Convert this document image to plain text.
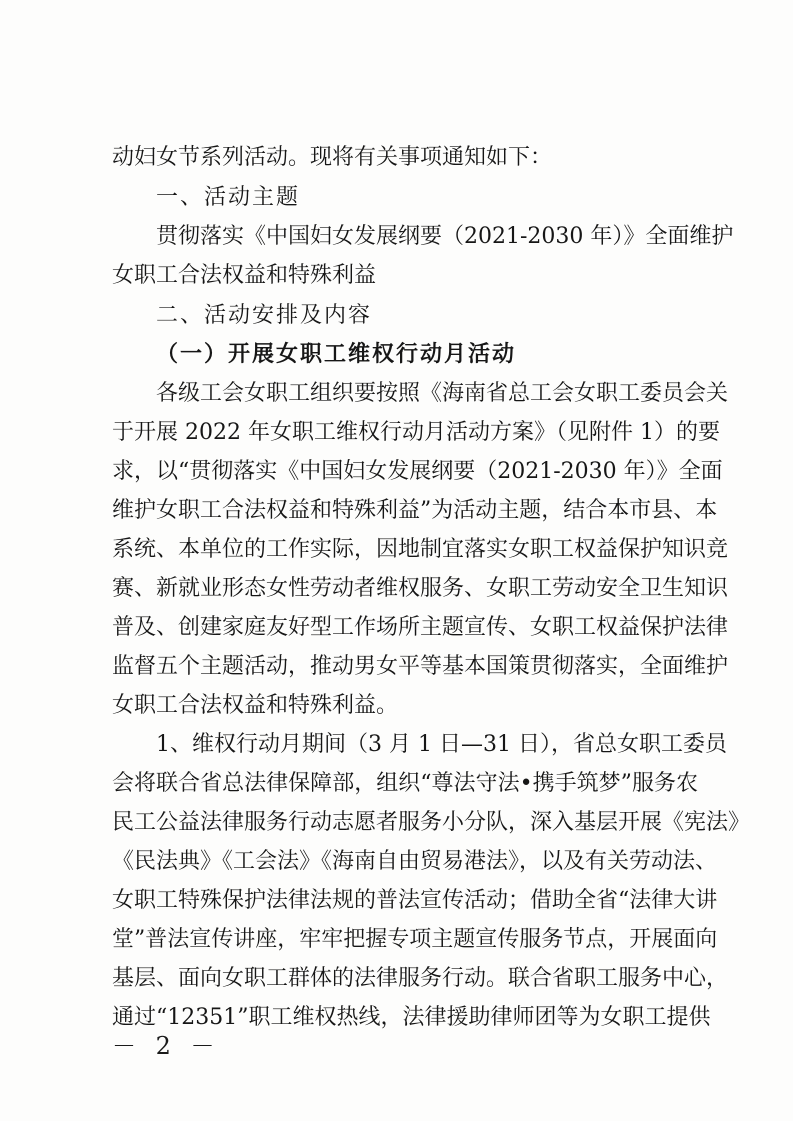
动妇女节系列活动。现将有关事项通知如下：
一、活动主题
贯彻落实《中国妇女发展纲要（2021-2030 年）》全面维护
女职工合法权益和特殊利益
二、活动安排及内容
（一）开展女职工维权行动月活动
各级工会女职工组织要按照《海南省总工会女职工委员会关
于开展 2022 年女职工维权行动月活动方案》（见附件 1）的要
求，以“贯彻落实《中国妇女发展纲要（2021-2030 年）》全面
维护女职工合法权益和特殊利益”为活动主题，结合本市县、本
系统、本单位的工作实际，因地制宜落实女职工权益保护知识竞
赛、新就业形态女性劳动者维权服务、女职工劳动安全卫生知识
普及、创建家庭友好型工作场所主题宣传、女职工权益保护法律
监督五个主题活动，推动男女平等基本国策贯彻落实，全面维护
女职工合法权益和特殊利益。
1、维权行动月期间（3 月 1 日—31 日），省总女职工委员
会将联合省总法律保障部，组织“尊法守法•携手筑梦”服务农
民工公益法律服务行动志愿者服务小分队，深入基层开展《宪法》
《民法典》《工会法》《海南自由贸易港法》，以及有关劳动法、
女职工特殊保护法律法规的普法宣传活动；借助全省“法律大讲
堂”普法宣传讲座，牢牢把握专项主题宣传服务节点，开展面向
基层、面向女职工群体的法律服务行动。联合省职工服务中心，
通过“12351”职工维权热线，法律援助律师团等为女职工提供
－ 2 －
